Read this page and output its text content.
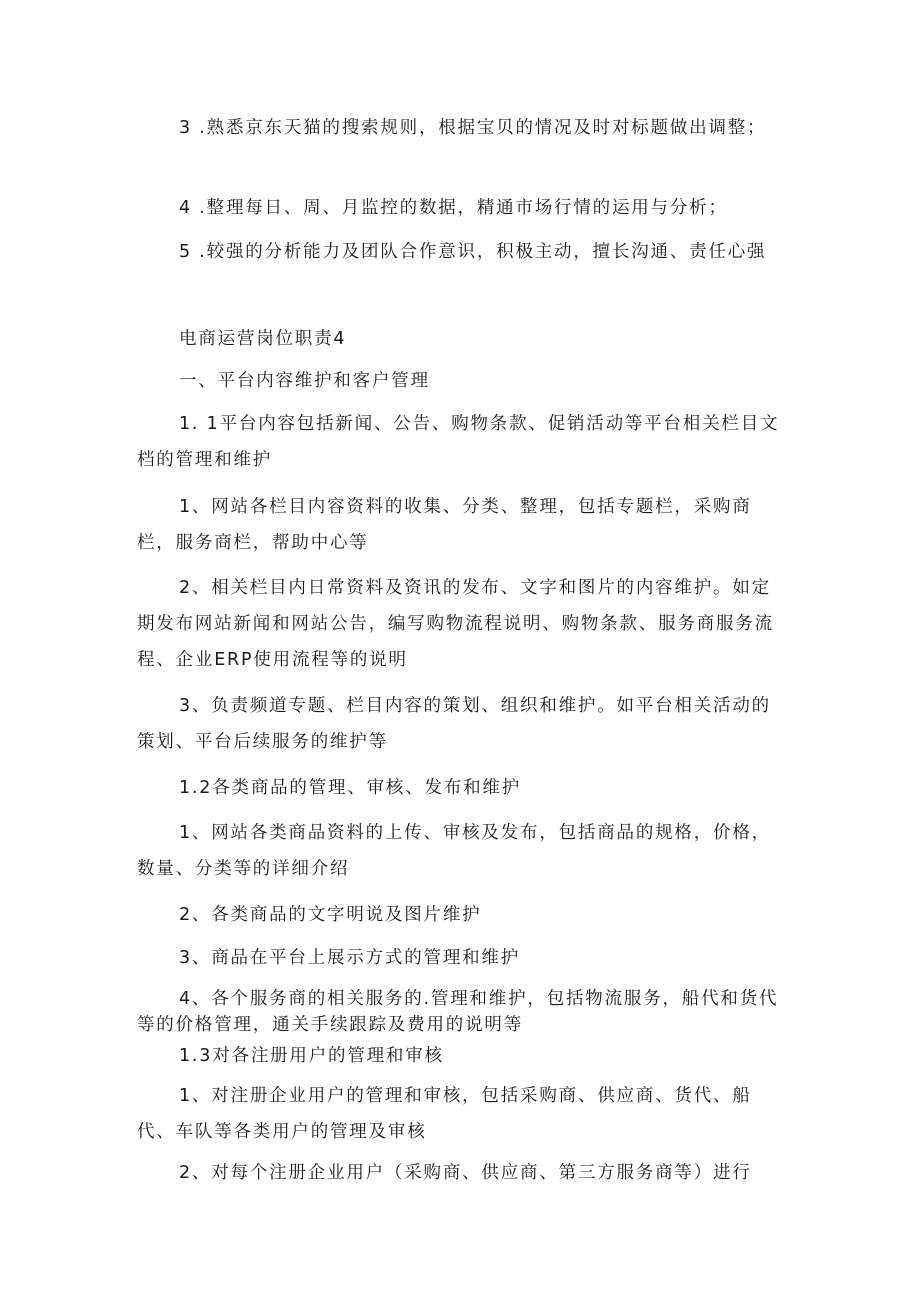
3 .熟悉京东天猫的搜索规则，根据宝贝的情况及时对标题做出调整；

4 .整理每日、周、月监控的数据，精通市场行情的运用与分析；

5 .较强的分析能力及团队合作意识，积极主动，擅长沟通、责任心强

电商运营岗位职责4

一、平台内容维护和客户管理

1. 1平台内容包括新闻、公告、购物条款、促销活动等平台相关栏目文档的管理和维护

1、网站各栏目内容资料的收集、分类、整理，包括专题栏，采购商栏，服务商栏，帮助中心等

2、相关栏目内日常资料及资讯的发布、文字和图片的内容维护。如定期发布网站新闻和网站公告，编写购物流程说明、购物条款、服务商服务流程、企业ERP使用流程等的说明

3、负责频道专题、栏目内容的策划、组织和维护。如平台相关活动的策划、平台后续服务的维护等

1.2各类商品的管理、审核、发布和维护

1、网站各类商品资料的上传、审核及发布，包括商品的规格，价格，数量、分类等的详细介绍

2、各类商品的文字明说及图片维护

3、商品在平台上展示方式的管理和维护

4、各个服务商的相关服务的.管理和维护，包括物流服务，船代和货代等的价格管理，通关手续跟踪及费用的说明等

1.3对各注册用户的管理和审核

1、对注册企业用户的管理和审核，包括采购商、供应商、货代、船代、车队等各类用户的管理及审核

2、对每个注册企业用户（采购商、供应商、第三方服务商等）进行
